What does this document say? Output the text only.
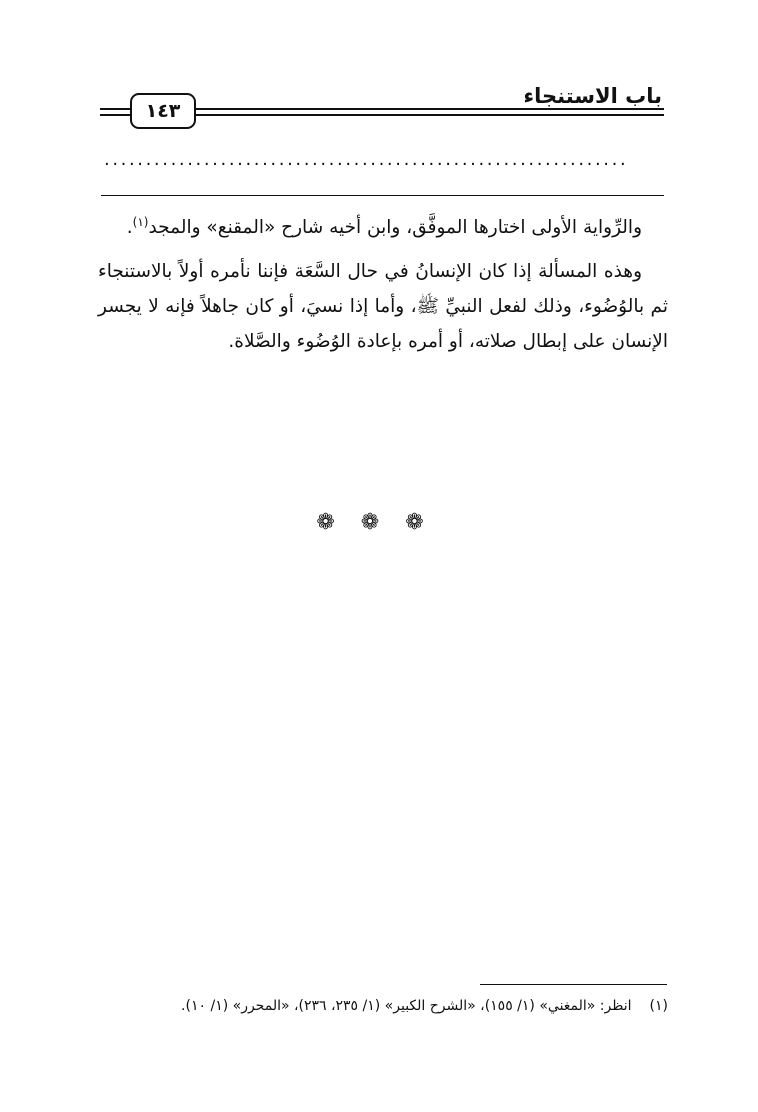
باب الاستنجاء
١٤٣
...............................................................

والرِّواية الأولى اختارها الموفَّق، وابن أخيه شارح «المقنع» والمجد$^{(١)}$.

وهذه المسألة إذا كان الإنسانُ في حال السَّعَة فإننا نأمره أولاً بالاستنجاء ثم بالوُضُوء، وذلك لفعل النبيِّ ﷺ، وأما إذا نسيَ، أو كان جاهلاً فإنه لا يجسر الإنسان على إبطال صلاته، أو أمره بإعادة الوُضُوء والصَّلاة.

❁ ❁ ❁
(١)انظر: «المغني» (١/ ١٥٥)، «الشرح الكبير» (١/ ٢٣٥، ٢٣٦)، «المحرر» (١/ ١٠).
